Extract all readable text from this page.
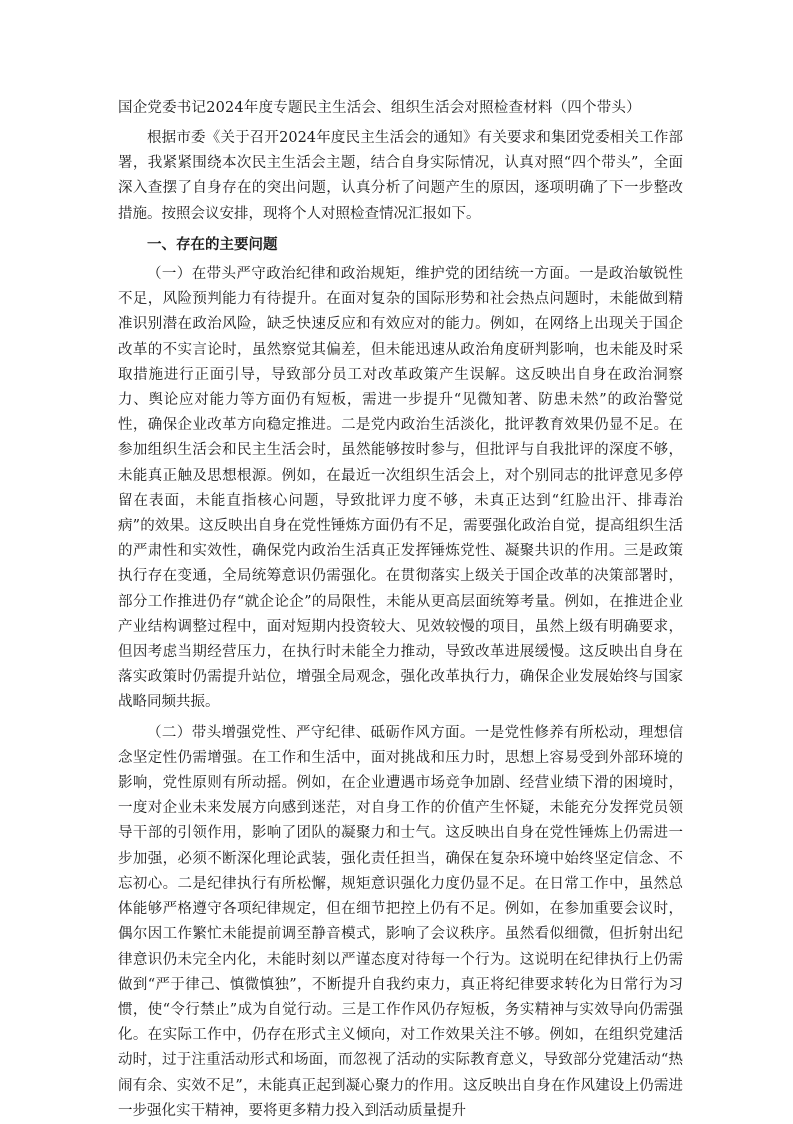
国企党委书记2024年度专题民主生活会、组织生活会对照检查材料（四个带头）

根据市委《关于召开2024年度民主生活会的通知》有关要求和集团党委相关工作部署，我紧紧围绕本次民主生活会主题，结合自身实际情况，认真对照“四个带头”，全面深入查摆了自身存在的突出问题，认真分析了问题产生的原因，逐项明确了下一步整改措施。按照会议安排，现将个人对照检查情况汇报如下。

一、存在的主要问题

（一）在带头严守政治纪律和政治规矩，维护党的团结统一方面。一是政治敏锐性不足，风险预判能力有待提升。在面对复杂的国际形势和社会热点问题时，未能做到精准识别潜在政治风险，缺乏快速反应和有效应对的能力。例如，在网络上出现关于国企改革的不实言论时，虽然察觉其偏差，但未能迅速从政治角度研判影响，也未能及时采取措施进行正面引导，导致部分员工对改革政策产生误解。这反映出自身在政治洞察力、舆论应对能力等方面仍有短板，需进一步提升“见微知著、防患未然”的政治警觉性，确保企业改革方向稳定推进。二是党内政治生活淡化，批评教育效果仍显不足。在参加组织生活会和民主生活会时，虽然能够按时参与，但批评与自我批评的深度不够，未能真正触及思想根源。例如，在最近一次组织生活会上，对个别同志的批评意见多停留在表面，未能直指核心问题，导致批评力度不够，未真正达到“红脸出汗、排毒治病”的效果。这反映出自身在党性锤炼方面仍有不足，需要强化政治自觉，提高组织生活的严肃性和实效性，确保党内政治生活真正发挥锤炼党性、凝聚共识的作用。三是政策执行存在变通，全局统筹意识仍需强化。在贯彻落实上级关于国企改革的决策部署时，部分工作推进仍存“就企论企”的局限性，未能从更高层面统筹考量。例如，在推进企业产业结构调整过程中，面对短期内投资较大、见效较慢的项目，虽然上级有明确要求，但因考虑当期经营压力，在执行时未能全力推动，导致改革进展缓慢。这反映出自身在落实政策时仍需提升站位，增强全局观念，强化改革执行力，确保企业发展始终与国家战略同频共振。

（二）带头增强党性、严守纪律、砥砺作风方面。一是党性修养有所松动，理想信念坚定性仍需增强。在工作和生活中，面对挑战和压力时，思想上容易受到外部环境的影响，党性原则有所动摇。例如，在企业遭遇市场竞争加剧、经营业绩下滑的困境时，一度对企业未来发展方向感到迷茫，对自身工作的价值产生怀疑，未能充分发挥党员领导干部的引领作用，影响了团队的凝聚力和士气。这反映出自身在党性锤炼上仍需进一步加强，必须不断深化理论武装，强化责任担当，确保在复杂环境中始终坚定信念、不忘初心。二是纪律执行有所松懈，规矩意识强化力度仍显不足。在日常工作中，虽然总体能够严格遵守各项纪律规定，但在细节把控上仍有不足。例如，在参加重要会议时，偶尔因工作繁忙未能提前调至静音模式，影响了会议秩序。虽然看似细微，但折射出纪律意识仍未完全内化，未能时刻以严谨态度对待每一个行为。这说明在纪律执行上仍需做到“严于律己、慎微慎独”，不断提升自我约束力，真正将纪律要求转化为日常行为习惯，使“令行禁止”成为自觉行动。三是工作作风仍存短板，务实精神与实效导向仍需强化。在实际工作中，仍存在形式主义倾向，对工作效果关注不够。例如，在组织党建活动时，过于注重活动形式和场面，而忽视了活动的实际教育意义，导致部分党建活动“热闹有余、实效不足”，未能真正起到凝心聚力的作用。这反映出自身在作风建设上仍需进一步强化实干精神，要将更多精力投入到活动质量提升
